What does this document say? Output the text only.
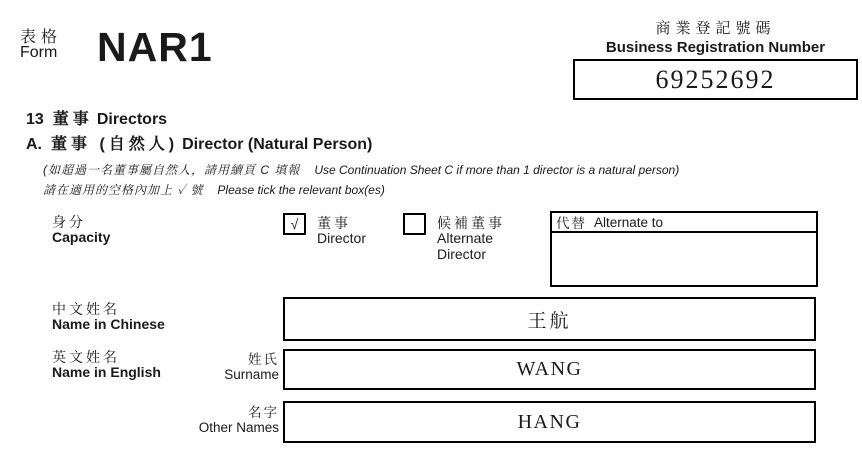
表格
Form NAR1	商業登記號碼
Business Registration Number
69252692
13 董事 Directors
A. 董事 (自然人) Director (Natural Person)
(如超過一名董事屬自然人，請用續頁 C 填報 Use Continuation Sheet C if more than 1 director is a natural person)
請在適用的空格內加上 ✓ 號 Please tick the relevant box(es)
身分
Capacity
√	董事
Director
候補董事
Alternate
Director
代替 Alternate to
中文姓名
Name in Chinese	王航
英文姓名
Name in English
姓氏
Surname	WANG
名字
Other Names	HANG
